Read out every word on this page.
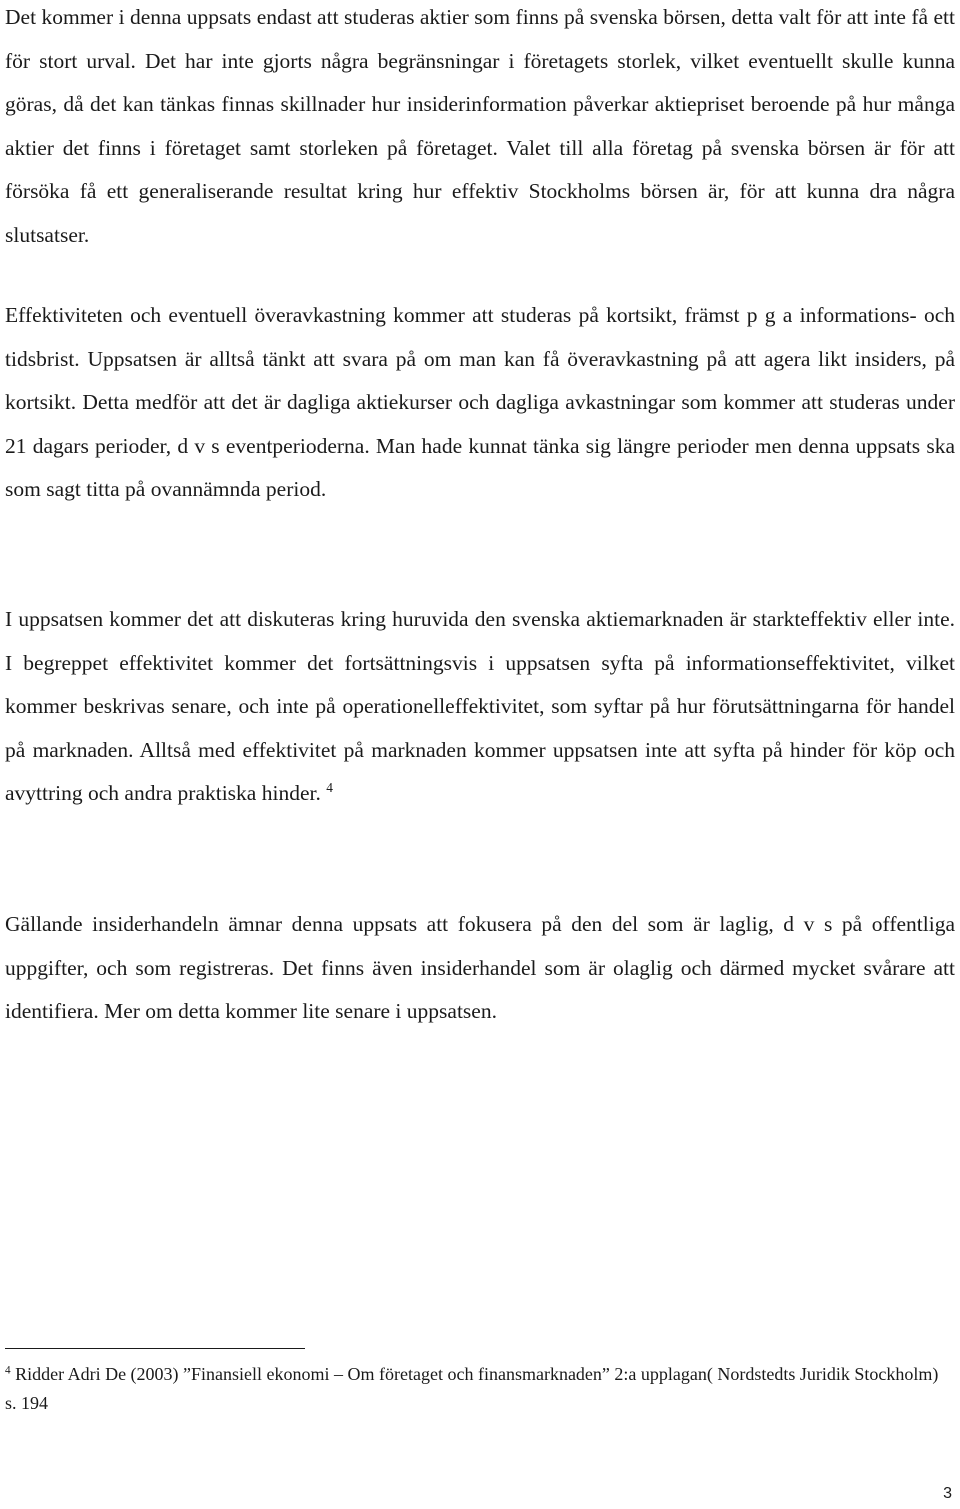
Det kommer i denna uppsats endast att studeras aktier som finns på svenska börsen, detta valt för att inte få ett för stort urval. Det har inte gjorts några begränsningar i företagets storlek, vilket eventuellt skulle kunna göras, då det kan tänkas finnas skillnader hur insiderinformation påverkar aktiepriset beroende på hur många aktier det finns i företaget samt storleken på företaget. Valet till alla företag på svenska börsen är för att försöka få ett generaliserande resultat kring hur effektiv Stockholms börsen är, för att kunna dra några slutsatser.

Effektiviteten och eventuell överavkastning kommer att studeras på kortsikt, främst p g a informations- och tidsbrist. Uppsatsen är alltså tänkt att svara på om man kan få överavkastning på att agera likt insiders, på kortsikt. Detta medför att det är dagliga aktiekurser och dagliga avkastningar som kommer att studeras under 21 dagars perioder, d v s eventperioderna. Man hade kunnat tänka sig längre perioder men denna uppsats ska som sagt titta på ovannämnda period.

I uppsatsen kommer det att diskuteras kring huruvida den svenska aktiemarknaden är starkteffektiv eller inte. I begreppet effektivitet kommer det fortsättningsvis i uppsatsen syfta på informationseffektivitet, vilket kommer beskrivas senare, och inte på operationelleffektivitet, som syftar på hur förutsättningarna för handel på marknaden. Alltså med effektivitet på marknaden kommer uppsatsen inte att syfta på hinder för köp och avyttring och andra praktiska hinder. $^4$

Gällande insiderhandeln ämnar denna uppsats att fokusera på den del som är laglig, d v s på offentliga uppgifter, och som registreras. Det finns även insiderhandel som är olaglig och därmed mycket svårare att identifiera. Mer om detta kommer lite senare i uppsatsen.

$^4$ Ridder Adri De (2003) ”Finansiell ekonomi – Om företaget och finansmarknaden” 2:a upplagan( Nordstedts Juridik Stockholm) s. 194

3
